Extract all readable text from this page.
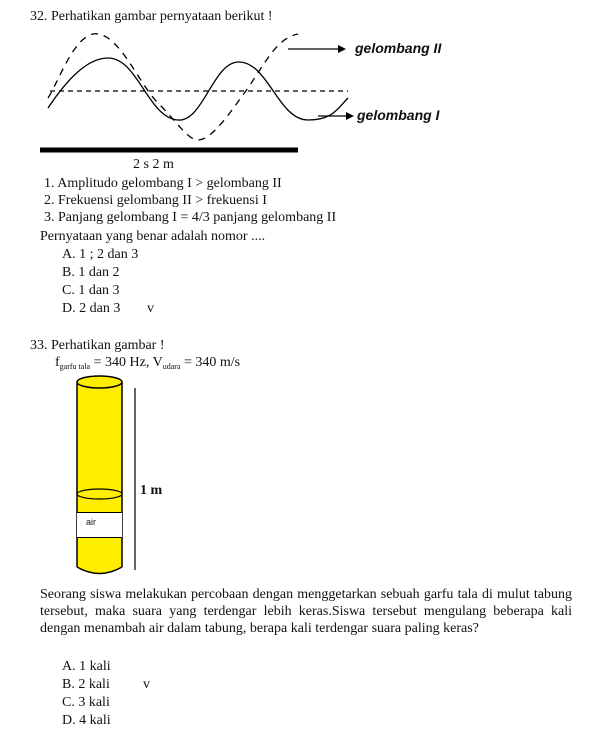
32. Perhatikan gambar pernyataan berikut !
gelombang II
gelombang I
2 s 2 m
1. Amplitudo gelombang I > gelombang II
2. Frekuensi gelombang II > frekuensi I
3. Panjang gelombang I = 4/3 panjang gelombang II
Pernyataan yang benar adalah nomor ....
A. 1 ; 2 dan 3
B. 1 dan 2
C. 1 dan 3
D. 2 dan 3 v
33. Perhatikan gambar !
$f_{garfu tala} = 340$ Hz, $V_{udara} = 340$ m/s
air
1 m
Seorang siswa melakukan percobaan dengan menggetarkan sebuah garfu tala di mulut tabung tersebut, maka suara yang terdengar lebih keras.Siswa tersebut mengulang beberapa kali dengan menambah air dalam tabung, berapa kali terdengar suara paling keras?
A. 1 kali
B. 2 kali v
C. 3 kali
D. 4 kali
